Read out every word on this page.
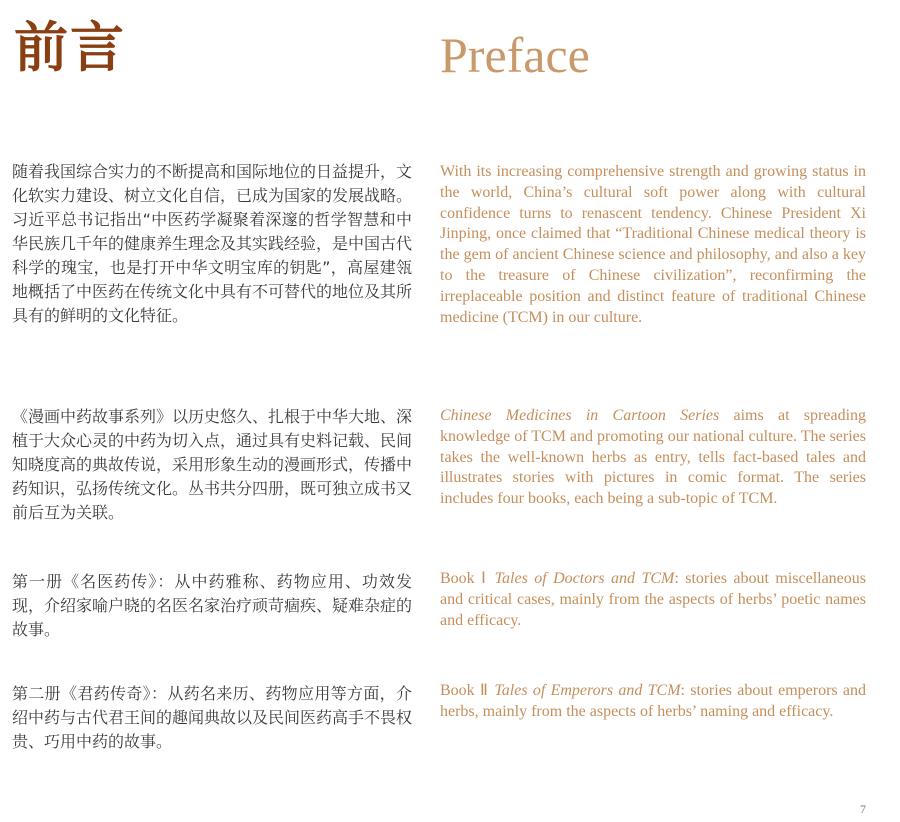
前言	Preface

随着我国综合实力的不断提高和国际地位的日益提升，文化软实力建设、树立文化自信，已成为国家的发展战略。习近平总书记指出“中医药学凝聚着深邃的哲学智慧和中华民族几千年的健康养生理念及其实践经验，是中国古代科学的瑰宝，也是打开中华文明宝库的钥匙”，高屋建瓴地概括了中医药在传统文化中具有不可替代的地位及其所具有的鲜明的文化特征。

《漫画中药故事系列》以历史悠久、扎根于中华大地、深植于大众心灵的中药为切入点，通过具有史料记载、民间知晓度高的典故传说，采用形象生动的漫画形式，传播中药知识，弘扬传统文化。丛书共分四册，既可独立成书又前后互为关联。

第一册《名医药传》：从中药雅称、药物应用、功效发现，介绍家喻户晓的名医名家治疗顽苛痼疾、疑难杂症的故事。

第二册《君药传奇》：从药名来历、药物应用等方面，介绍中药与古代君王间的趣闻典故以及民间医药高手不畏权贵、巧用中药的故事。

With its increasing comprehensive strength and growing status in the world, China’s cultural soft power along with cultural confidence turns to renascent tendency. Chinese President Xi Jinping, once claimed that “Traditional Chinese medical theory is the gem of ancient Chinese science and philosophy, and also a key to the treasure of Chinese civilization”, reconfirming the irreplaceable position and distinct feature of traditional Chinese medicine (TCM) in our culture.

Chinese Medicines in Cartoon Series aims at spreading knowledge of TCM and promoting our national culture. The series takes the well-known herbs as entry, tells fact-based tales and illustrates stories with pictures in comic format. The series includes four books, each being a sub-topic of TCM.

Book Ⅰ Tales of Doctors and TCM: stories about miscellaneous and critical cases, mainly from the aspects of herbs’ poetic names and efficacy.

Book Ⅱ Tales of Emperors and TCM: stories about emperors and herbs, mainly from the aspects of herbs’ naming and efficacy.

7
